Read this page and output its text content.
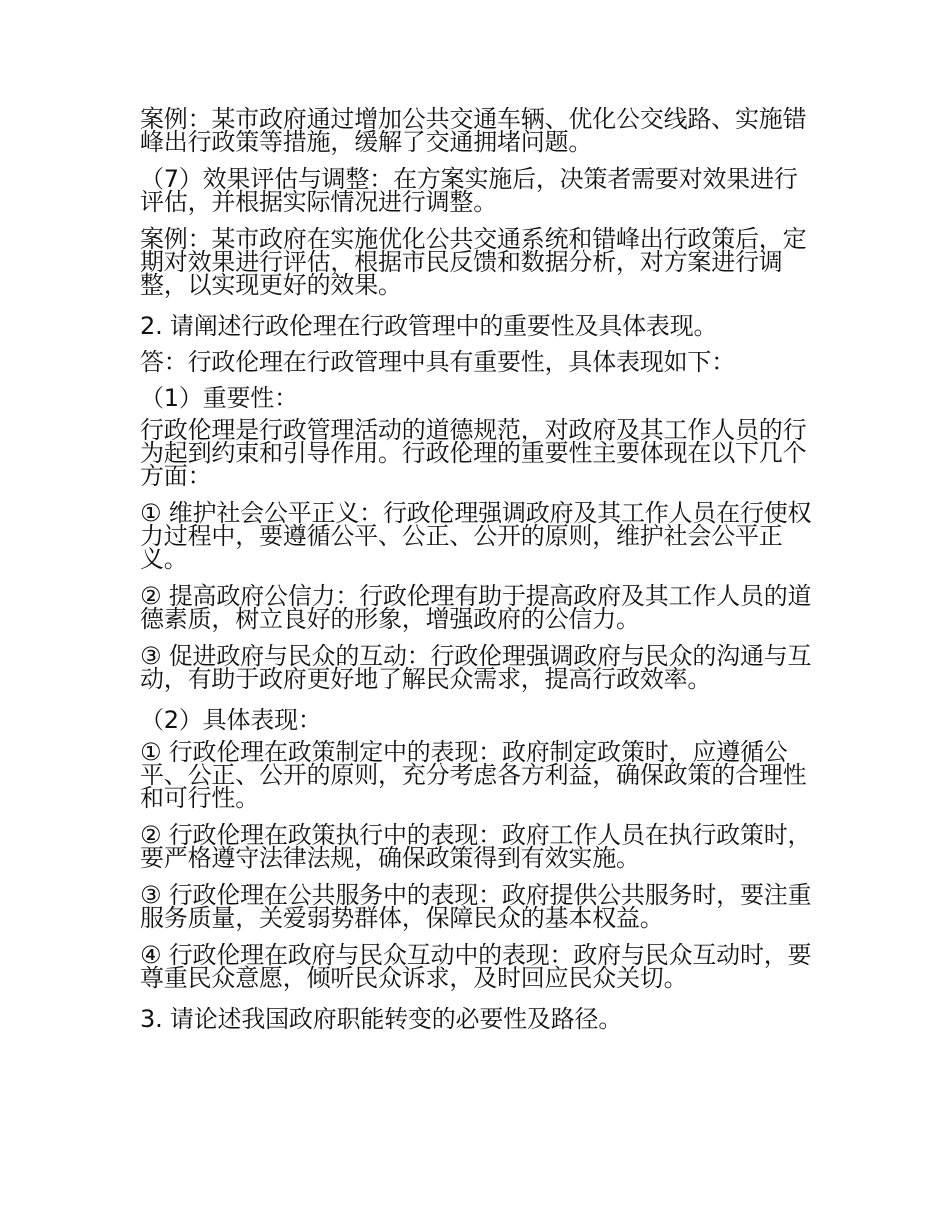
案例：某市政府通过增加公共交通车辆、优化公交线路、实施错峰出行政策等措施，缓解了交通拥堵问题。

（7）效果评估与调整：在方案实施后，决策者需要对效果进行评估，并根据实际情况进行调整。

案例：某市政府在实施优化公共交通系统和错峰出行政策后，定期对效果进行评估，根据市民反馈和数据分析，对方案进行调整，以实现更好的效果。

2. 请阐述行政伦理在行政管理中的重要性及具体表现。

答：行政伦理在行政管理中具有重要性，具体表现如下：

（1）重要性：

行政伦理是行政管理活动的道德规范，对政府及其工作人员的行为起到约束和引导作用。行政伦理的重要性主要体现在以下几个方面：

① 维护社会公平正义：行政伦理强调政府及其工作人员在行使权力过程中，要遵循公平、公正、公开的原则，维护社会公平正义。

② 提高政府公信力：行政伦理有助于提高政府及其工作人员的道德素质，树立良好的形象，增强政府的公信力。

③ 促进政府与民众的互动：行政伦理强调政府与民众的沟通与互动，有助于政府更好地了解民众需求，提高行政效率。

（2）具体表现：

① 行政伦理在政策制定中的表现：政府制定政策时，应遵循公平、公正、公开的原则，充分考虑各方利益，确保政策的合理性和可行性。

② 行政伦理在政策执行中的表现：政府工作人员在执行政策时，要严格遵守法律法规，确保政策得到有效实施。

③ 行政伦理在公共服务中的表现：政府提供公共服务时，要注重服务质量，关爱弱势群体，保障民众的基本权益。

④ 行政伦理在政府与民众互动中的表现：政府与民众互动时，要尊重民众意愿，倾听民众诉求，及时回应民众关切。

3. 请论述我国政府职能转变的必要性及路径。
